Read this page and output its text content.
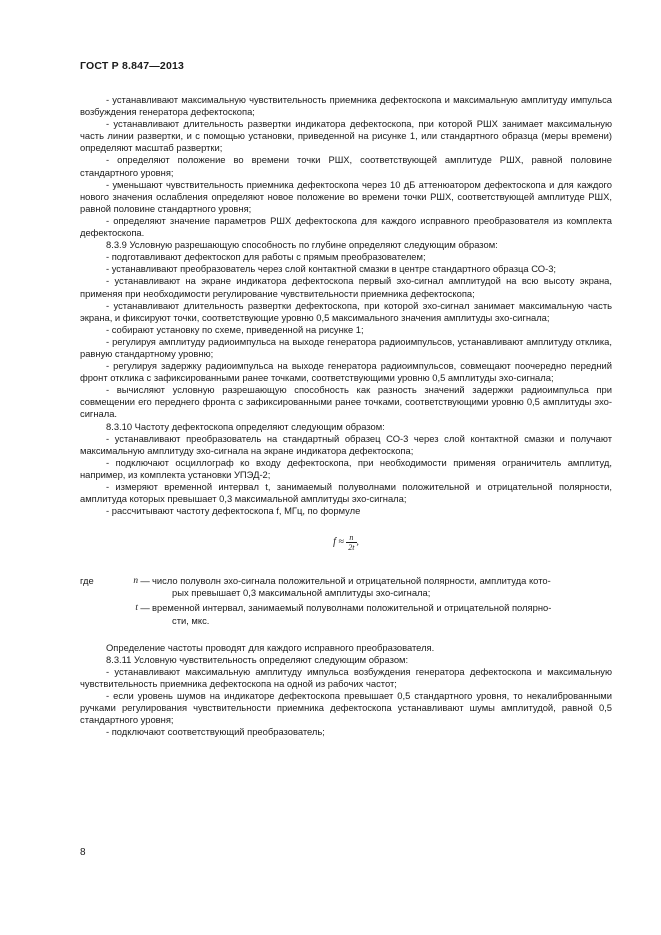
ГОСТ Р 8.847—2013

- устанавливают максимальную чувствительность приемника дефектоскопа и максимальную амплитуду импульса возбуждения генератора дефектоскопа;

- устанавливают длительность развертки индикатора дефектоскопа, при которой РШХ занимает максимальную часть линии развертки, и с помощью установки, приведенной на рисунке 1, или стандартного образца (меры времени) определяют масштаб развертки;

- определяют положение во времени точки РШХ, соответствующей амплитуде РШХ, равной половине стандартного уровня;

- уменьшают чувствительность приемника дефектоскопа через 10 дБ аттенюатором дефектоскопа и для каждого нового значения ослабления определяют новое положение во времени точки РШХ, соответствующей амплитуде РШХ, равной половине стандартного уровня;

- определяют значение параметров РШХ дефектоскопа для каждого исправного преобразователя из комплекта дефектоскопа.

8.3.9 Условную разрешающую способность по глубине определяют следующим образом:

- подготавливают дефектоскоп для работы с прямым преобразователем;

- устанавливают преобразователь через слой контактной смазки в центре стандартного образца СО-3;

- устанавливают на экране индикатора дефектоскопа первый эхо-сигнал амплитудой на всю высоту экрана, применяя при необходимости регулирование чувствительности приемника дефектоскопа;

- устанавливают длительность развертки дефектоскопа, при которой эхо-сигнал занимает максимальную часть экрана, и фиксируют точки, соответствующие уровню 0,5 максимального значения амплитуды эхо-сигнала;

- собирают установку по схеме, приведенной на рисунке 1;

- регулируя амплитуду радиоимпульса на выходе генератора радиоимпульсов, устанавливают амплитуду отклика, равную стандартному уровню;

- регулируя задержку радиоимпульса на выходе генератора радиоимпульсов, совмещают поочередно передний фронт отклика с зафиксированными ранее точками, соответствующими уровню 0,5 амплитуды эхо-сигнала;

- вычисляют условную разрешающую способность как разность значений задержки радиоимпульса при совмещении его переднего фронта с зафиксированными ранее точками, соответствующими уровню 0,5 амплитуды эхо-сигнала.

8.3.10 Частоту дефектоскопа определяют следующим образом:

- устанавливают преобразователь на стандартный образец СО-3 через слой контактной смазки и получают максимальную амплитуду эхо-сигнала на экране индикатора дефектоскопа;

- подключают осциллограф ко входу дефектоскопа, при необходимости применяя ограничитель амплитуд, например, из комплекта установки УПЭД-2;

- измеряют временной интервал t, занимаемый полуволнами положительной и отрицательной полярности, амплитуда которых превышает 0,3 максимальной амплитуды эхо-сигнала;

- рассчитывают частоту дефектоскопа f, МГц, по формуле

$f \approx \frac{n}{2t}$ ,
где	n — число полуволн эхо-сигнала положительной и отрицательной полярности, амплитуда кото-
рых превышает 0,3 максимальной амплитуды эхо-сигнала;
t — временной интервал, занимаемый полуволнами положительной и отрицательной полярно-
сти, мкс.

Определение частоты проводят для каждого исправного преобразователя.

8.3.11 Условную чувствительность определяют следующим образом:

- устанавливают максимальную амплитуду импульса возбуждения генератора дефектоскопа и максимальную чувствительность приемника дефектоскопа на одной из рабочих частот;

- если уровень шумов на индикаторе дефектоскопа превышает 0,5 стандартного уровня, то некалиброванными ручками регулирования чувствительности приемника дефектоскопа устанавливают шумы амплитудой, равной 0,5 стандартного уровня;

- подключают соответствующий преобразователь;

8
